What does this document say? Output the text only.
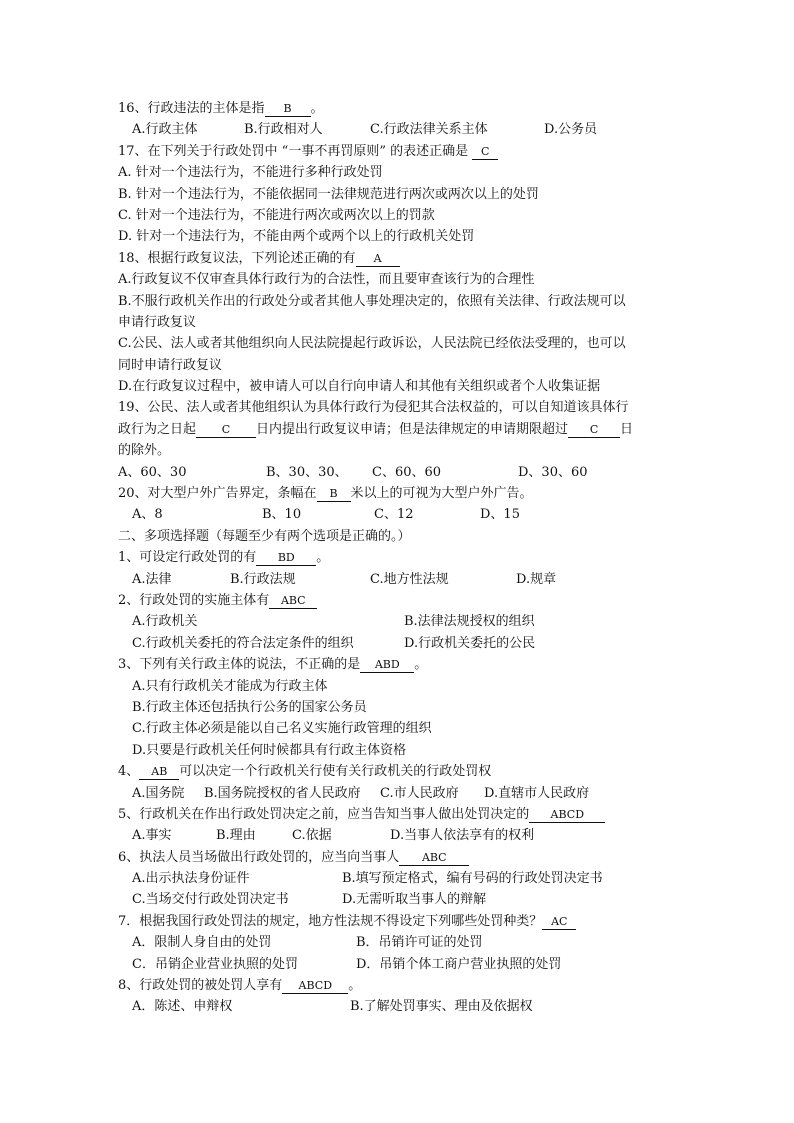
16、行政违法的主体是指 B 。
A.行政主体	B.行政相对人	C.行政法律关系主体	D.公务员
17、在下列关于行政处罚中 “一事不再罚原则” 的表述正确是 C
A. 针对一个违法行为，不能进行多种行政处罚
B. 针对一个违法行为，不能依据同一法律规范进行两次或两次以上的处罚
C. 针对一个违法行为，不能进行两次或两次以上的罚款
D. 针对一个违法行为，不能由两个或两个以上的行政机关处罚
18、根据行政复议法，下列论述正确的有 A
A.行政复议不仅审查具体行政行为的合法性，而且要审查该行为的合理性
B.不服行政机关作出的行政处分或者其他人事处理决定的，依照有关法律、行政法规可以
申请行政复议
C.公民、法人或者其他组织向人民法院提起行政诉讼，人民法院已经依法受理的，也可以
同时申请行政复议
D.在行政复议过程中，被申请人可以自行向申请人和其他有关组织或者个人收集证据
19、公民、法人或者其他组织认为具体行政行为侵犯其合法权益的，可以自知道该具体行
政行为之日起 C 日内提出行政复议申请；但是法律规定的申请期限超过 C 日
的除外。
A、60、30	B、30、30、	C、60、60	D、30、60
20、对大型户外广告界定，条幅在 B 米以上的可视为大型户外广告。
A、8	B、10	C、12	D、15
二、多项选择题（每题至少有两个选项是正确的。）
1、可设定行政处罚的有 BD 。
A.法律	B.行政法规	C.地方性法规	D.规章
2、行政处罚的实施主体有 ABC
A.行政机关	B.法律法规授权的组织
C.行政机关委托的符合法定条件的组织	D.行政机关委托的公民
3、下列有关行政主体的说法，不正确的是 ABD 。
A.只有行政机关才能成为行政主体
B.行政主体还包括执行公务的国家公务员
C.行政主体必须是能以自己名义实施行政管理的组织
D.只要是行政机关任何时候都具有行政主体资格
4、 AB 可以决定一个行政机关行使有关行政机关的行政处罚权
A.国务院	B.国务院授权的省人民政府	C.市人民政府	D.直辖市人民政府
5、行政机关在作出行政处罚决定之前，应当告知当事人做出处罚决定的 ABCD
A.事实	B.理由	C.依据	D.当事人依法享有的权利
6、执法人员当场做出行政处罚的，应当向当事人 ABC
A.出示执法身份证件	B.填写预定格式，编有号码的行政处罚决定书
C.当场交付行政处罚决定书	D.无需听取当事人的辩解
7．根据我国行政处罚法的规定，地方性法规不得设定下列哪些处罚种类？ AC
A．限制人身自由的处罚	B．吊销许可证的处罚
C．吊销企业营业执照的处罚	D．吊销个体工商户营业执照的处罚
8、行政处罚的被处罚人享有 ABCD 。
A．陈述、申辩权	B.了解处罚事实、理由及依据权
